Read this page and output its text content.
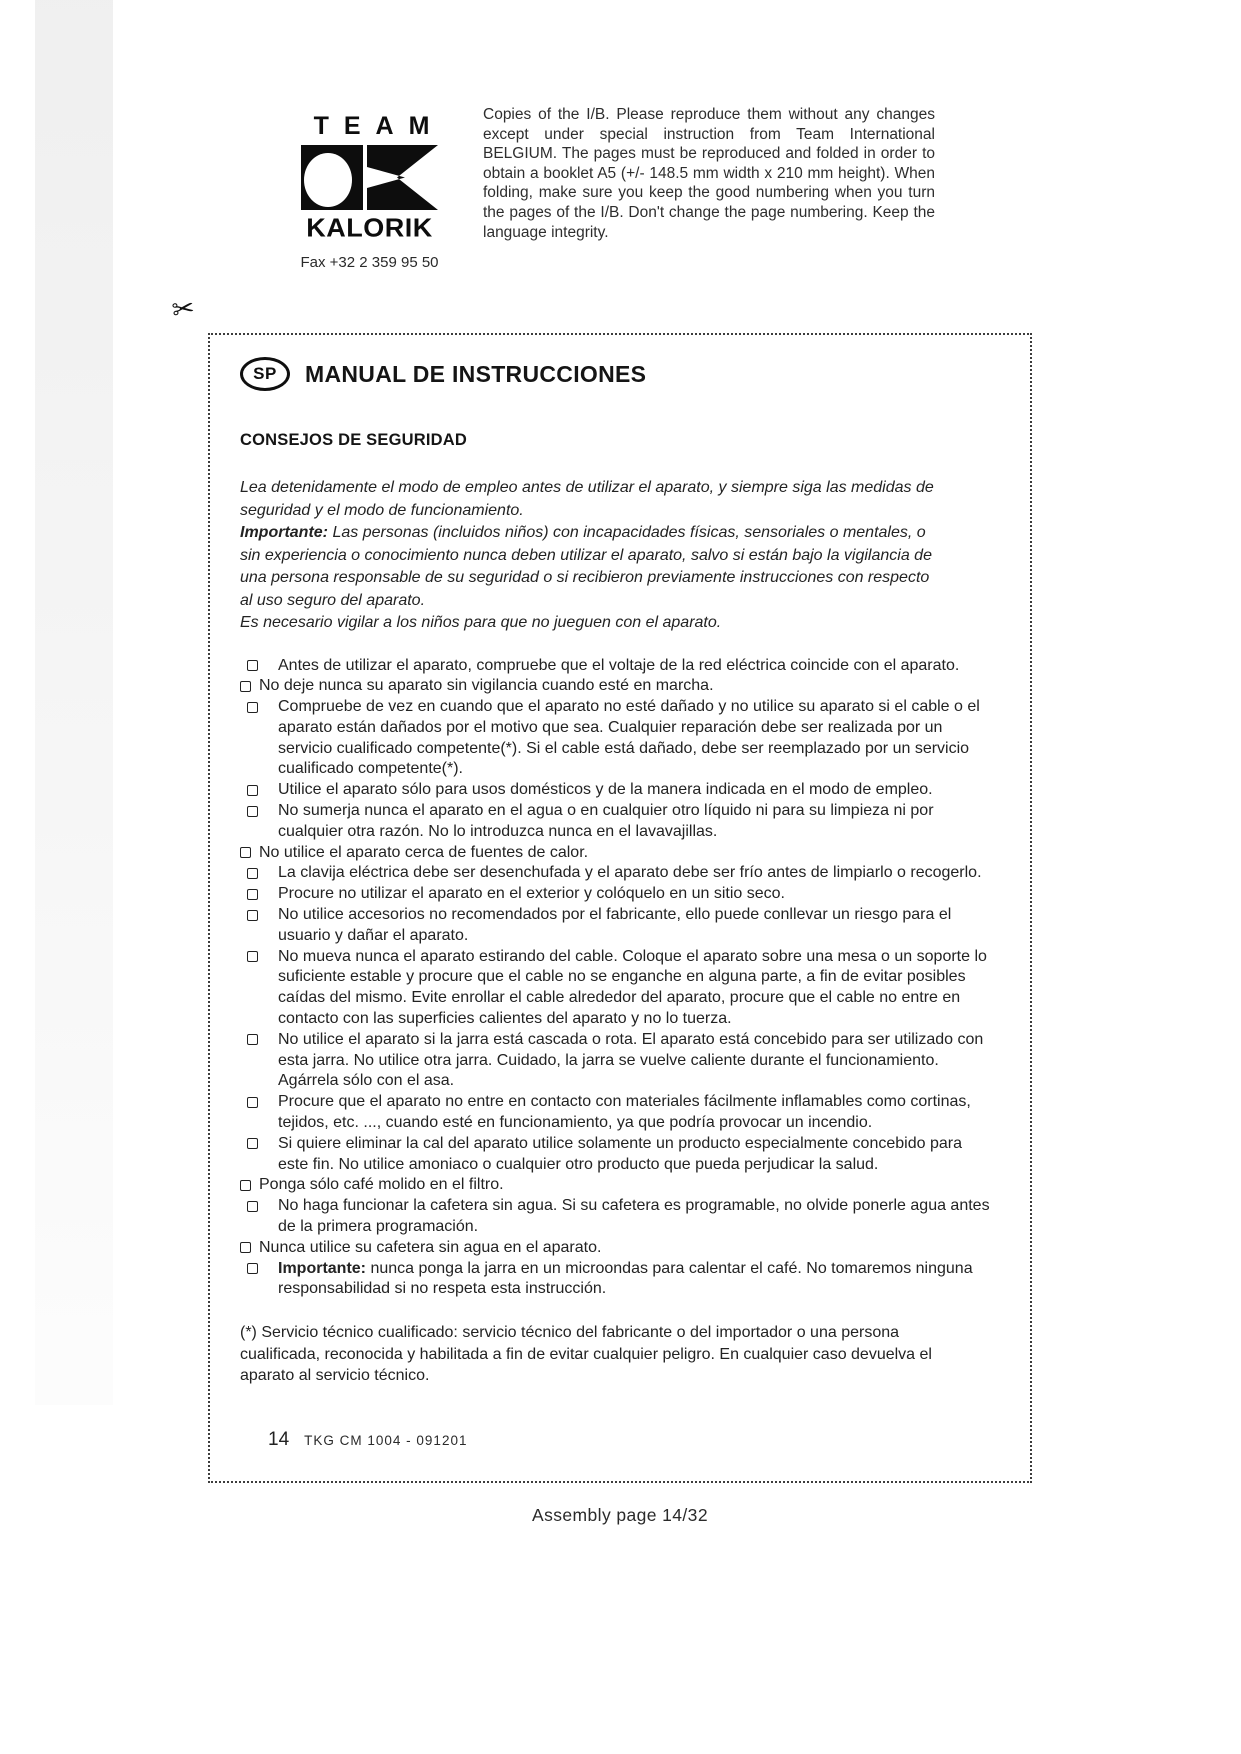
TEAM
KALORIK
Fax +32 2 359 95 50

Copies of the I/B. Please reproduce them without any changes except under special instruction from Team International BELGIUM. The pages must be reproduced and folded in order to obtain a booklet A5 (+/- 148.5 mm width x 210 mm height). When folding, make sure you keep the good numbering when you turn the pages of the I/B. Don't change the page numbering. Keep the language integrity.

✂
SP	MANUAL DE INSTRUCCIONES
CONSEJOS DE SEGURIDAD

Lea detenidamente el modo de empleo antes de utilizar el aparato, y siempre siga las medidas de seguridad y el modo de funcionamiento.

Importante: Las personas (incluidos niños) con incapacidades físicas, sensoriales o mentales, o sin experiencia o conocimiento nunca deben utilizar el aparato, salvo si están bajo la vigilancia de una persona responsable de su seguridad o si recibieron previamente instrucciones con respecto al uso seguro del aparato.

Es necesario vigilar a los niños para que no jueguen con el aparato.

Antes de utilizar el aparato, compruebe que el voltaje de la red eléctrica coincide con el aparato.
No deje nunca su aparato sin vigilancia cuando esté en marcha.
Compruebe de vez en cuando que el aparato no esté dañado y no utilice su aparato si el cable o el aparato están dañados por el motivo que sea. Cualquier reparación debe ser realizada por un servicio cualificado competente(*). Si el cable está dañado, debe ser reemplazado por un servicio cualificado competente(*).
Utilice el aparato sólo para usos domésticos y de la manera indicada en el modo de empleo.
No sumerja nunca el aparato en el agua o en cualquier otro líquido ni para su limpieza ni por cualquier otra razón. No lo introduzca nunca en el lavavajillas.
No utilice el aparato cerca de fuentes de calor.
La clavija eléctrica debe ser desenchufada y el aparato debe ser frío antes de limpiarlo o recogerlo.
Procure no utilizar el aparato en el exterior y colóquelo en un sitio seco.
No utilice accesorios no recomendados por el fabricante, ello puede conllevar un riesgo para el usuario y dañar el aparato.
No mueva nunca el aparato estirando del cable. Coloque el aparato sobre una mesa o un soporte lo suficiente estable y procure que el cable no se enganche en alguna parte, a fin de evitar posibles caídas del mismo. Evite enrollar el cable alrededor del aparato, procure que el cable no entre en contacto con las superficies calientes del aparato y no lo tuerza.
No utilice el aparato si la jarra está cascada o rota. El aparato está concebido para ser utilizado con esta jarra. No utilice otra jarra. Cuidado, la jarra se vuelve caliente durante el funcionamiento. Agárrela sólo con el asa.
Procure que el aparato no entre en contacto con materiales fácilmente inflamables como cortinas, tejidos, etc. ..., cuando esté en funcionamiento, ya que podría provocar un incendio.
Si quiere eliminar la cal del aparato utilice solamente un producto especialmente concebido para este fin. No utilice amoniaco o cualquier otro producto que pueda perjudicar la salud.
Ponga sólo café molido en el filtro.
No haga funcionar la cafetera sin agua. Si su cafetera es programable, no olvide ponerle agua antes de la primera programación.
Nunca utilice su cafetera sin agua en el aparato.
Importante: nunca ponga la jarra en un microondas para calentar el café. No tomaremos ninguna responsabilidad si no respeta esta instrucción.

(*) Servicio técnico cualificado: servicio técnico del fabricante o del importador o una persona cualificada, reconocida y habilitada a fin de evitar cualquier peligro. En cualquier caso devuelva el aparato al servicio técnico.

14 TKG CM 1004 - 091201
Assembly page 14/32
